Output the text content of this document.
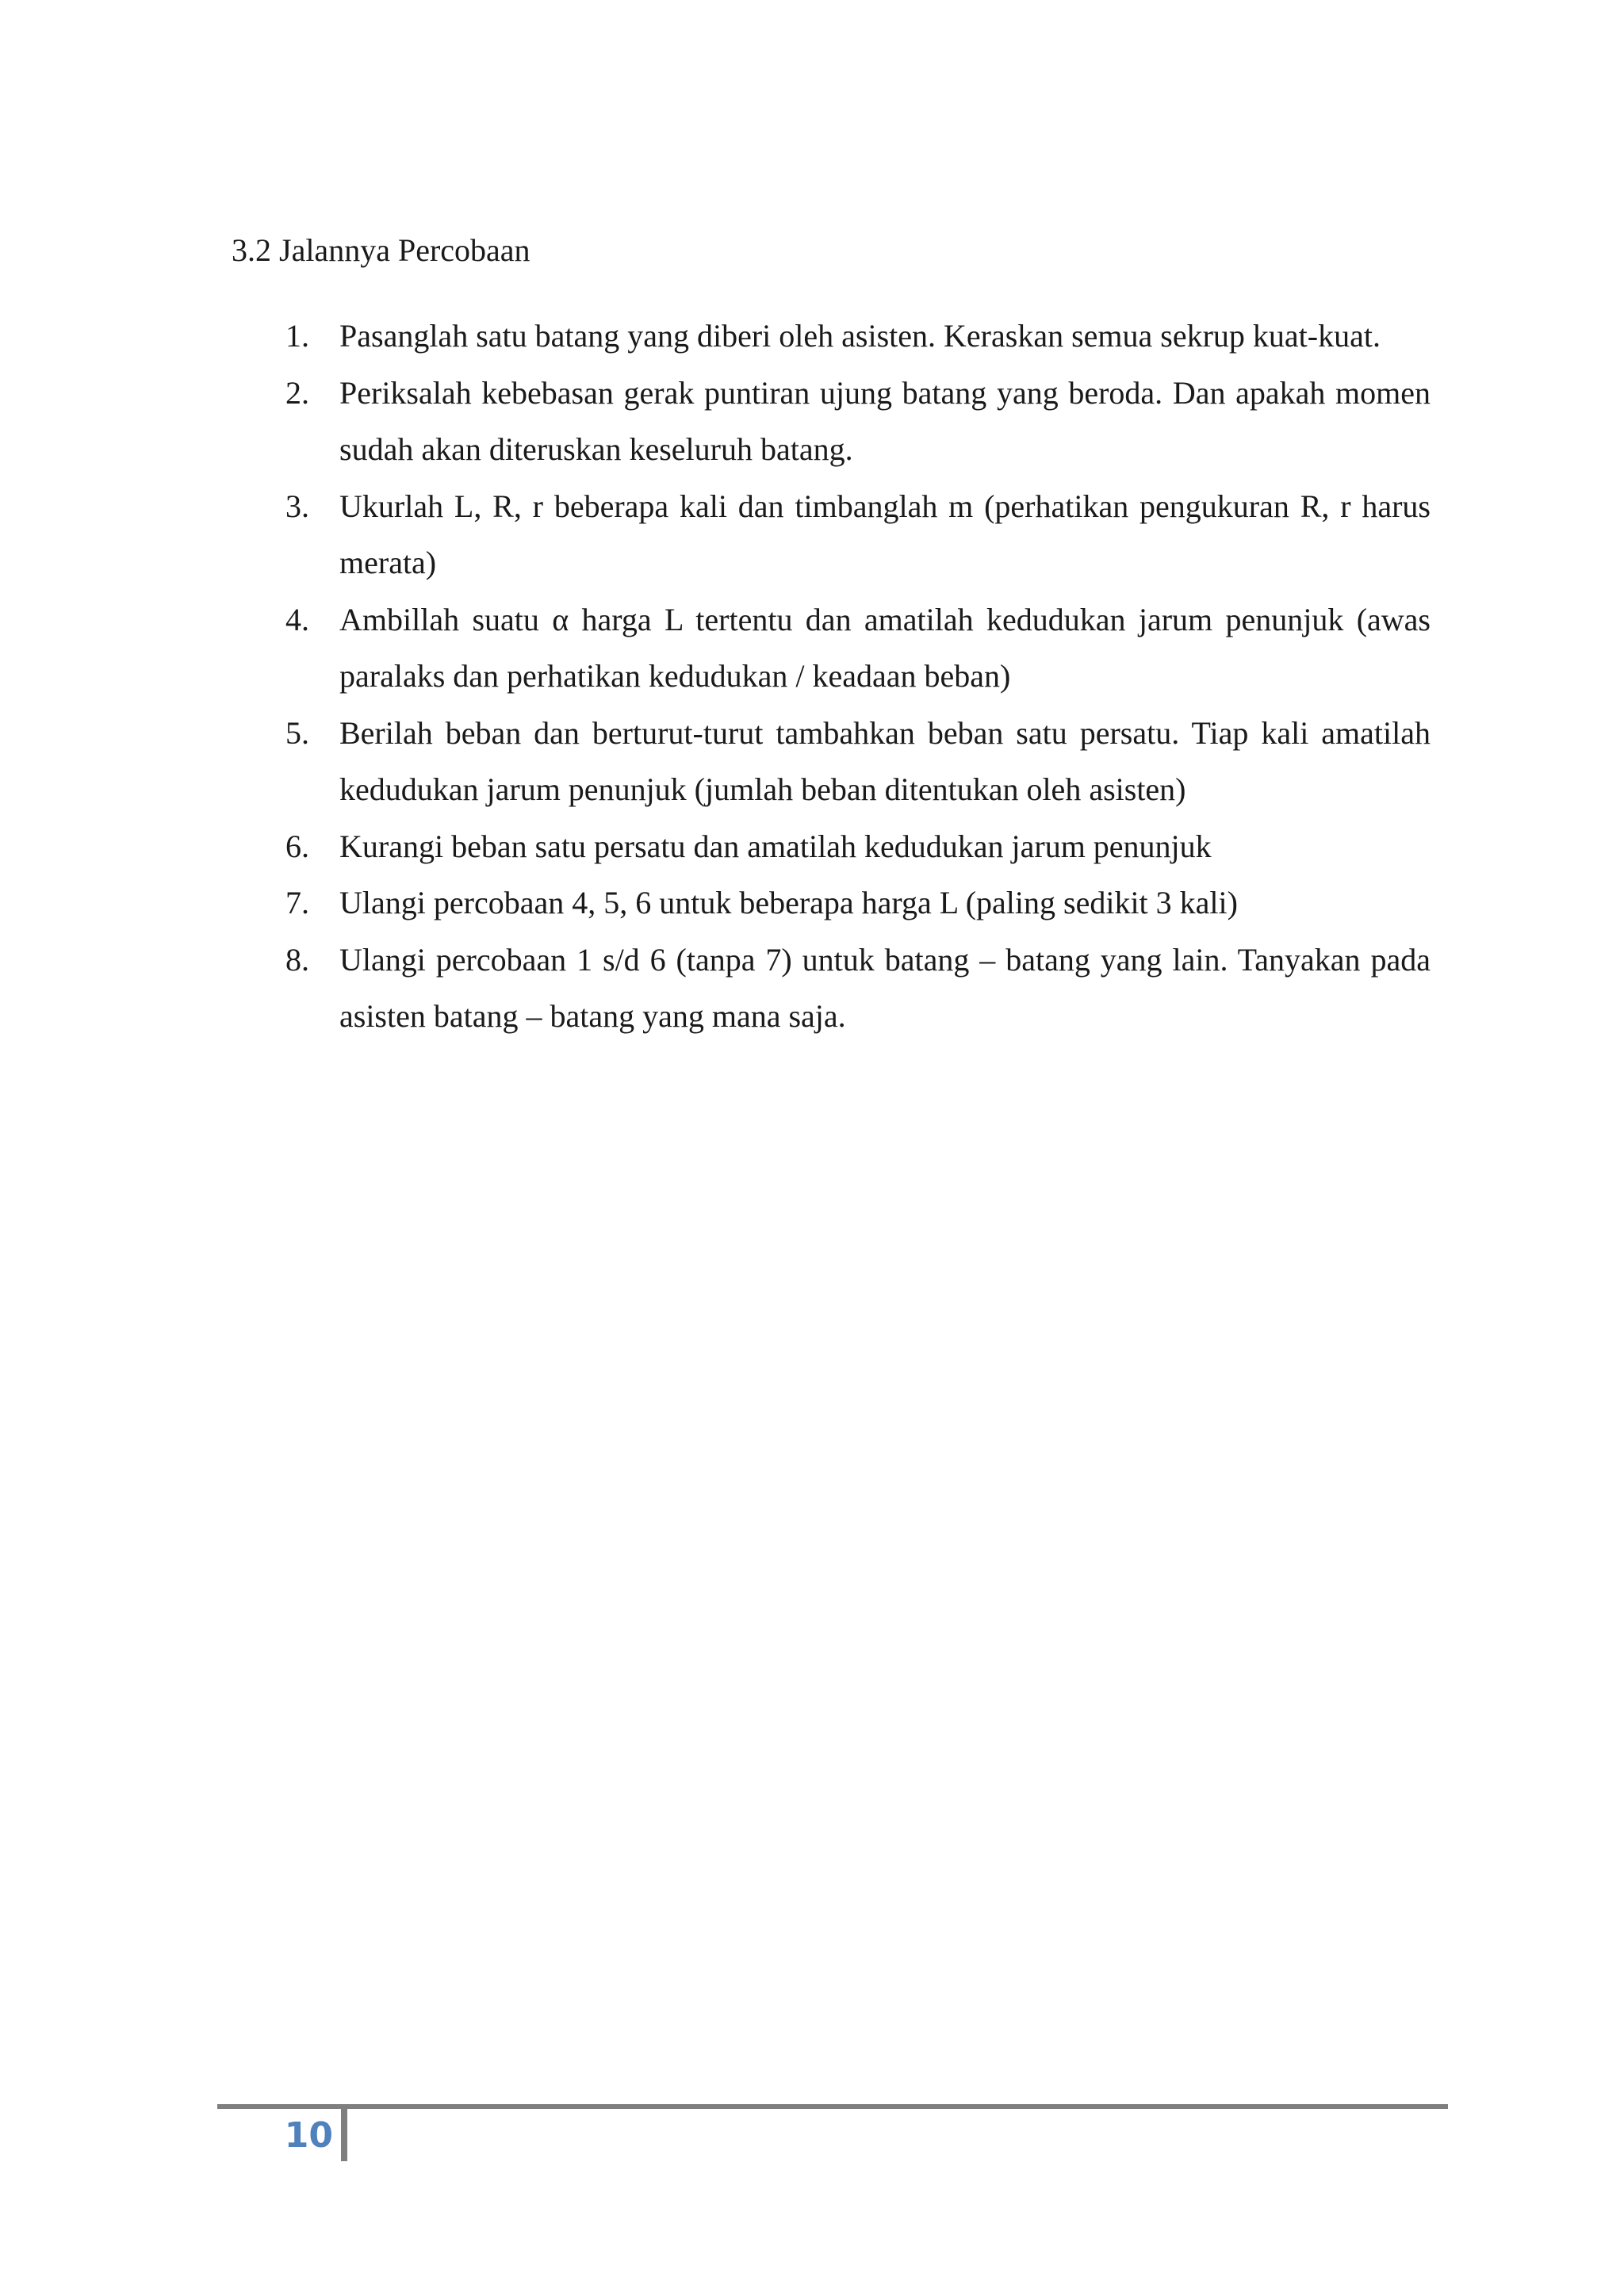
3.2 Jalannya Percobaan
1. Pasanglah satu batang yang diberi oleh asisten. Keraskan semua sekrup kuat-kuat.
2. Periksalah kebebasan gerak puntiran ujung batang yang beroda. Dan apakah momen sudah akan diteruskan keseluruh batang.
3. Ukurlah L, R, r beberapa kali dan timbanglah m (perhatikan pengukuran R, r harus merata)
4. Ambillah suatu α harga L tertentu dan amatilah kedudukan jarum penunjuk (awas paralaks dan perhatikan kedudukan / keadaan beban)
5. Berilah beban dan berturut-turut tambahkan beban satu persatu. Tiap kali amatilah kedudukan jarum penunjuk (jumlah beban ditentukan oleh asisten)
6. Kurangi beban satu persatu dan amatilah kedudukan jarum penunjuk
7. Ulangi percobaan 4, 5, 6 untuk beberapa harga L (paling sedikit 3 kali)
8. Ulangi percobaan 1 s/d 6 (tanpa 7) untuk batang – batang yang lain. Tanyakan pada asisten batang – batang yang mana saja.
10
